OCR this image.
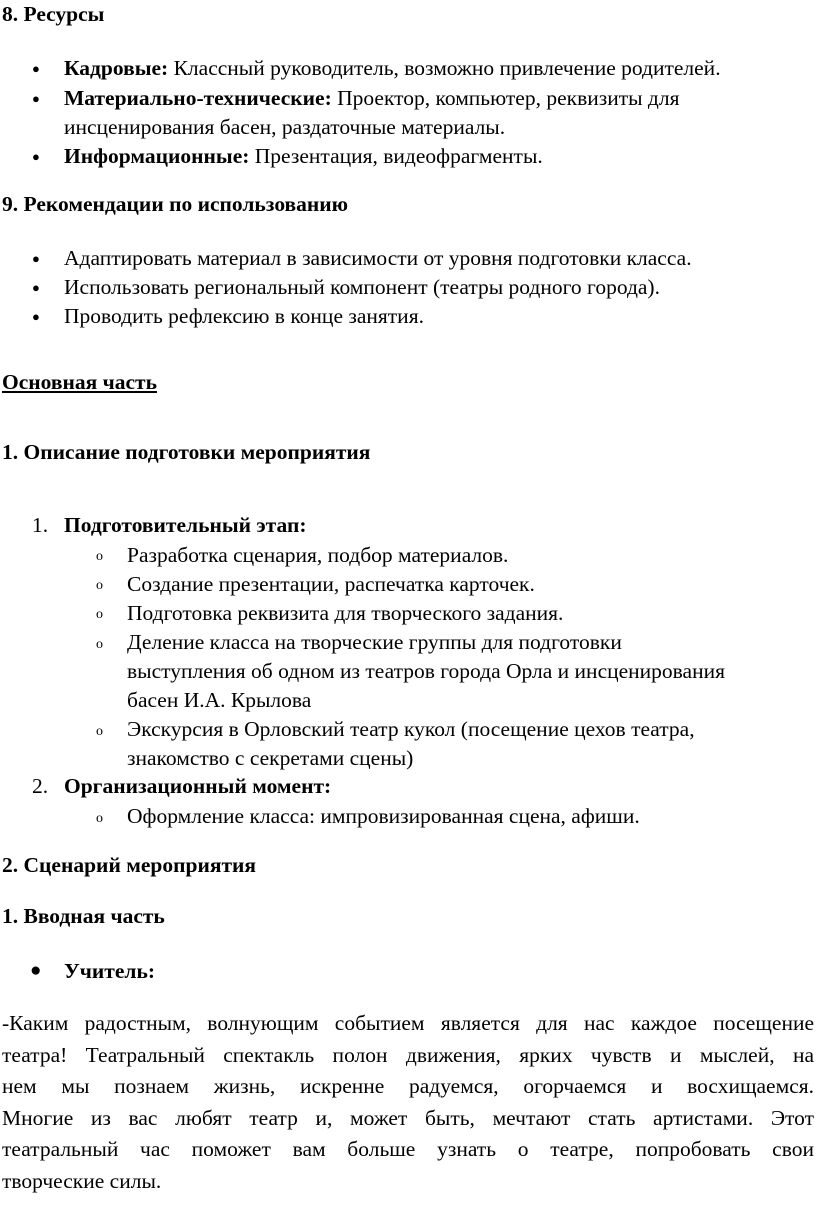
8. Ресурсы
● Кадровые: Классный руководитель, возможно привлечение родителей.
● Материально-технические: Проектор, компьютер, реквизиты для
инсценирования басен, раздаточные материалы.
● Информационные: Презентация, видеофрагменты.
9. Рекомендации по использованию
● Адаптировать материал в зависимости от уровня подготовки класса.
● Использовать региональный компонент (театры родного города).
● Проводить рефлексию в конце занятия.
Основная часть
1. Описание подготовки мероприятия
1. Подготовительный этап:
o Разработка сценария, подбор материалов.
o Создание презентации, распечатка карточек.
o Подготовка реквизита для творческого задания.
o Деление класса на творческие группы для подготовки
выступления об одном из театров города Орла и инсценирования
басен И.А. Крылова
o Экскурсия в Орловский театр кукол (посещение цехов театра,
знакомство с секретами сцены)
2. Организационный момент:
o Оформление класса: импровизированная сцена, афиши.
2. Сценарий мероприятия
1. Вводная часть
● Учитель:
-Каким радостным, волнующим событием является для нас каждое посещение
театра! Театральный спектакль полон движения, ярких чувств и мыслей, на
нем мы познаем жизнь, искренне радуемся, огорчаемся и восхищаемся.
Многие из вас любят театр и, может быть, мечтают стать артистами. Этот
театральный час поможет вам больше узнать о театре, попробовать свои
творческие силы.
